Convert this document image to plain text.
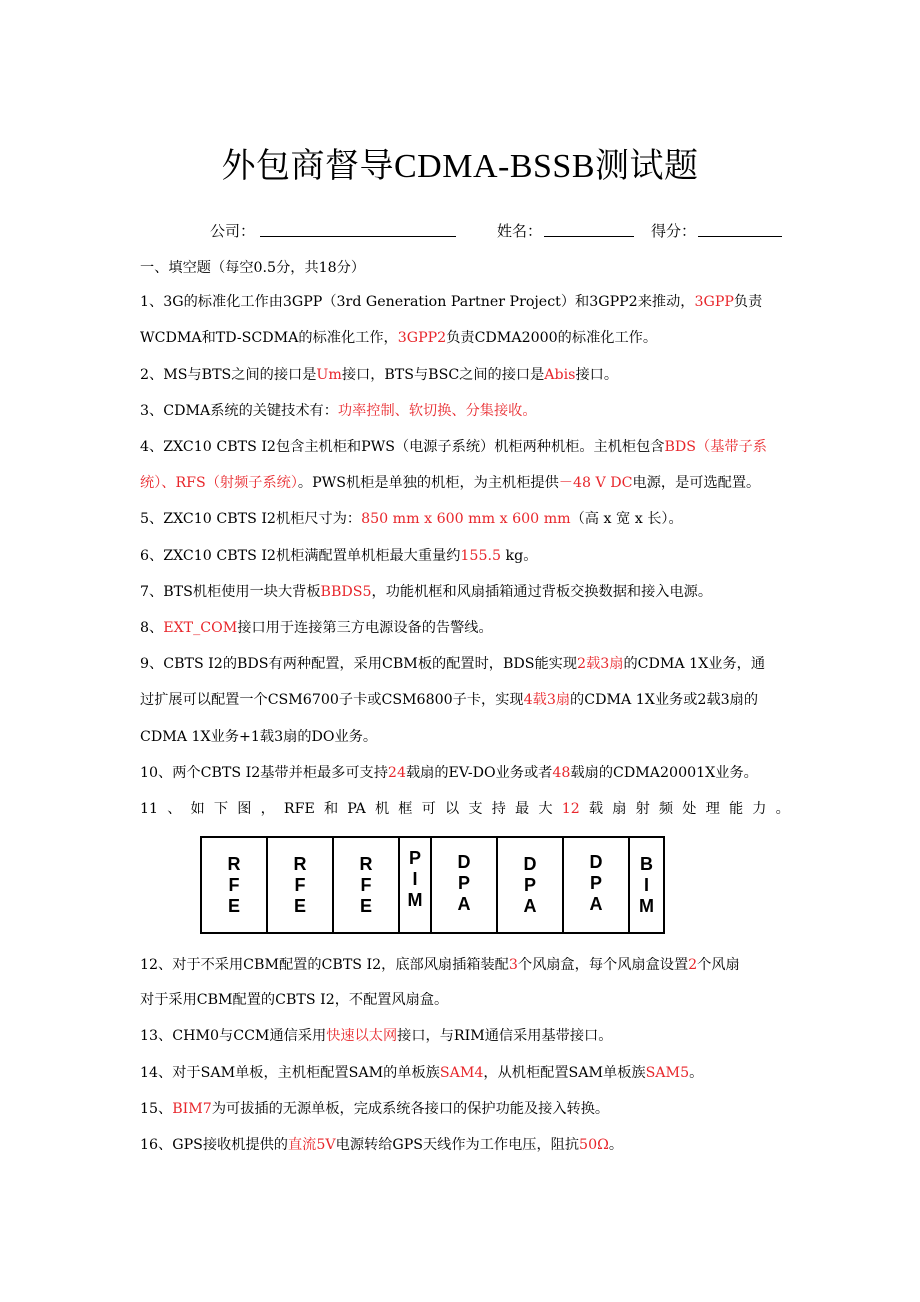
外包商督导CDMA-BSSB测试题
公司：	姓名：	得分：
一、填空题（每空0.5分，共18分）
1、3G的标准化工作由3GPP（3rd Generation Partner Project）和3GPP2来推动，3GPP负责
WCDMA和TD-SCDMA的标准化工作，3GPP2负责CDMA2000的标准化工作。
2、MS与BTS之间的接口是Um接口，BTS与BSC之间的接口是Abis接口。
3、CDMA系统的关键技术有：功率控制、软切换、分集接收。
4、ZXC10 CBTS I2包含主机柜和PWS（电源子系统）机柜两种机柜。主机柜包含BDS（基带子系
统）、RFS（射频子系统）。PWS机柜是单独的机柜，为主机柜提供－48 V DC电源，是可选配置。
5、ZXC10 CBTS I2机柜尺寸为：850 mm x 600 mm x 600 mm（高 x 宽 x 长）。
6、ZXC10 CBTS I2机柜满配置单机柜最大重量约155.5 kg。
7、BTS机柜使用一块大背板BBDS5，功能机框和风扇插箱通过背板交换数据和接入电源。
8、EXT_COM接口用于连接第三方电源设备的告警线。
9、CBTS I2的BDS有两种配置，采用CBM板的配置时，BDS能实现2载3扇的CDMA 1X业务，通
过扩展可以配置一个CSM6700子卡或CSM6800子卡，实现4载3扇的CDMA 1X业务或2载3扇的
CDMA 1X业务+1载3扇的DO业务。
10、两个CBTS I2基带并柜最多可支持24载扇的EV-DO业务或者48载扇的CDMA20001X业务。
11 、 如 下 图 ， RFE 和 PA 机 框 可 以 支 持 最 大 12 载 扇 射 频 处 理 能 力 。
R
F
E

R
F
E

R
F
E

P
I
M

D
P
A

D
P
A

D
P
A

B
I
M
12、对于不采用CBM配置的CBTS I2，底部风扇插箱装配3个风扇盒，每个风扇盒设置2个风扇
对于采用CBM配置的CBTS I2，不配置风扇盒。
13、CHM0与CCM通信采用快速以太网接口，与RIM通信采用基带接口。
14、对于SAM单板，主机柜配置SAM的单板族SAM4，从机柜配置SAM单板族SAM5。
15、BIM7为可拔插的无源单板，完成系统各接口的保护功能及接入转换。
16、GPS接收机提供的直流5V电源转给GPS天线作为工作电压，阻抗50Ω。
